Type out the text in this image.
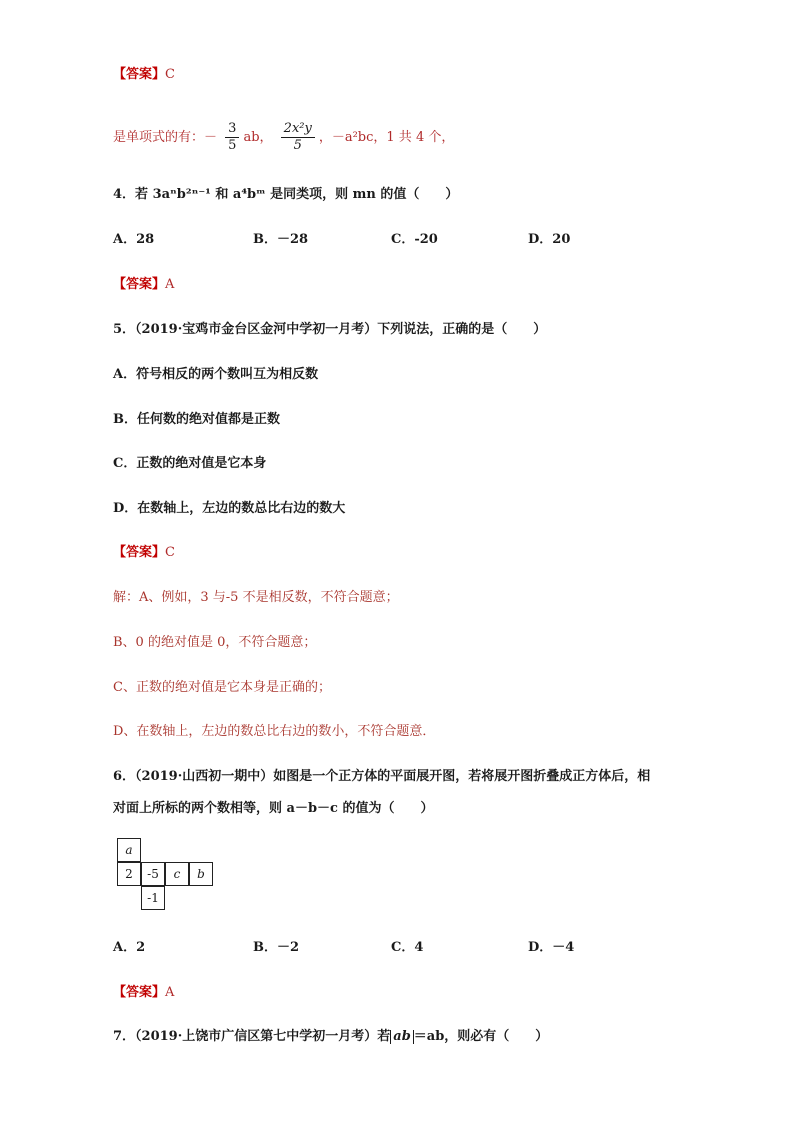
【答案】C
是单项式的有：－ $\frac{3}{5}$ ab， $\frac{\text{2x²y}}{5}$ ，－a²bc，1 共 4 个，
4．若 3aⁿb²ⁿ⁻¹ 和 a⁴bᵐ 是同类项，则 mn 的值（　　）
A．28	B．－28	C．-20	D．20
【答案】A
5．（2019·宝鸡市金台区金河中学初一月考）下列说法，正确的是（　　）
A．符号相反的两个数叫互为相反数
B．任何数的绝对值都是正数
C．正数的绝对值是它本身
D．在数轴上，左边的数总比右边的数大
【答案】C
解：A、例如，3 与-5 不是相反数，不符合题意；
B、0 的绝对值是 0，不符合题意；
C、正数的绝对值是它本身是正确的；
D、在数轴上，左边的数总比右边的数小，不符合题意．
6．（2019·山西初一期中）如图是一个正方体的平面展开图，若将展开图折叠成正方体后，相
对面上所标的两个数相等，则 a－b－c 的值为（　　）
a
2	-5	c	b
-1
A．2	B．－2	C．4	D．－4
【答案】A
7．（2019·上饶市广信区第七中学初一月考）若 ab ＝ab，则必有（　　）
